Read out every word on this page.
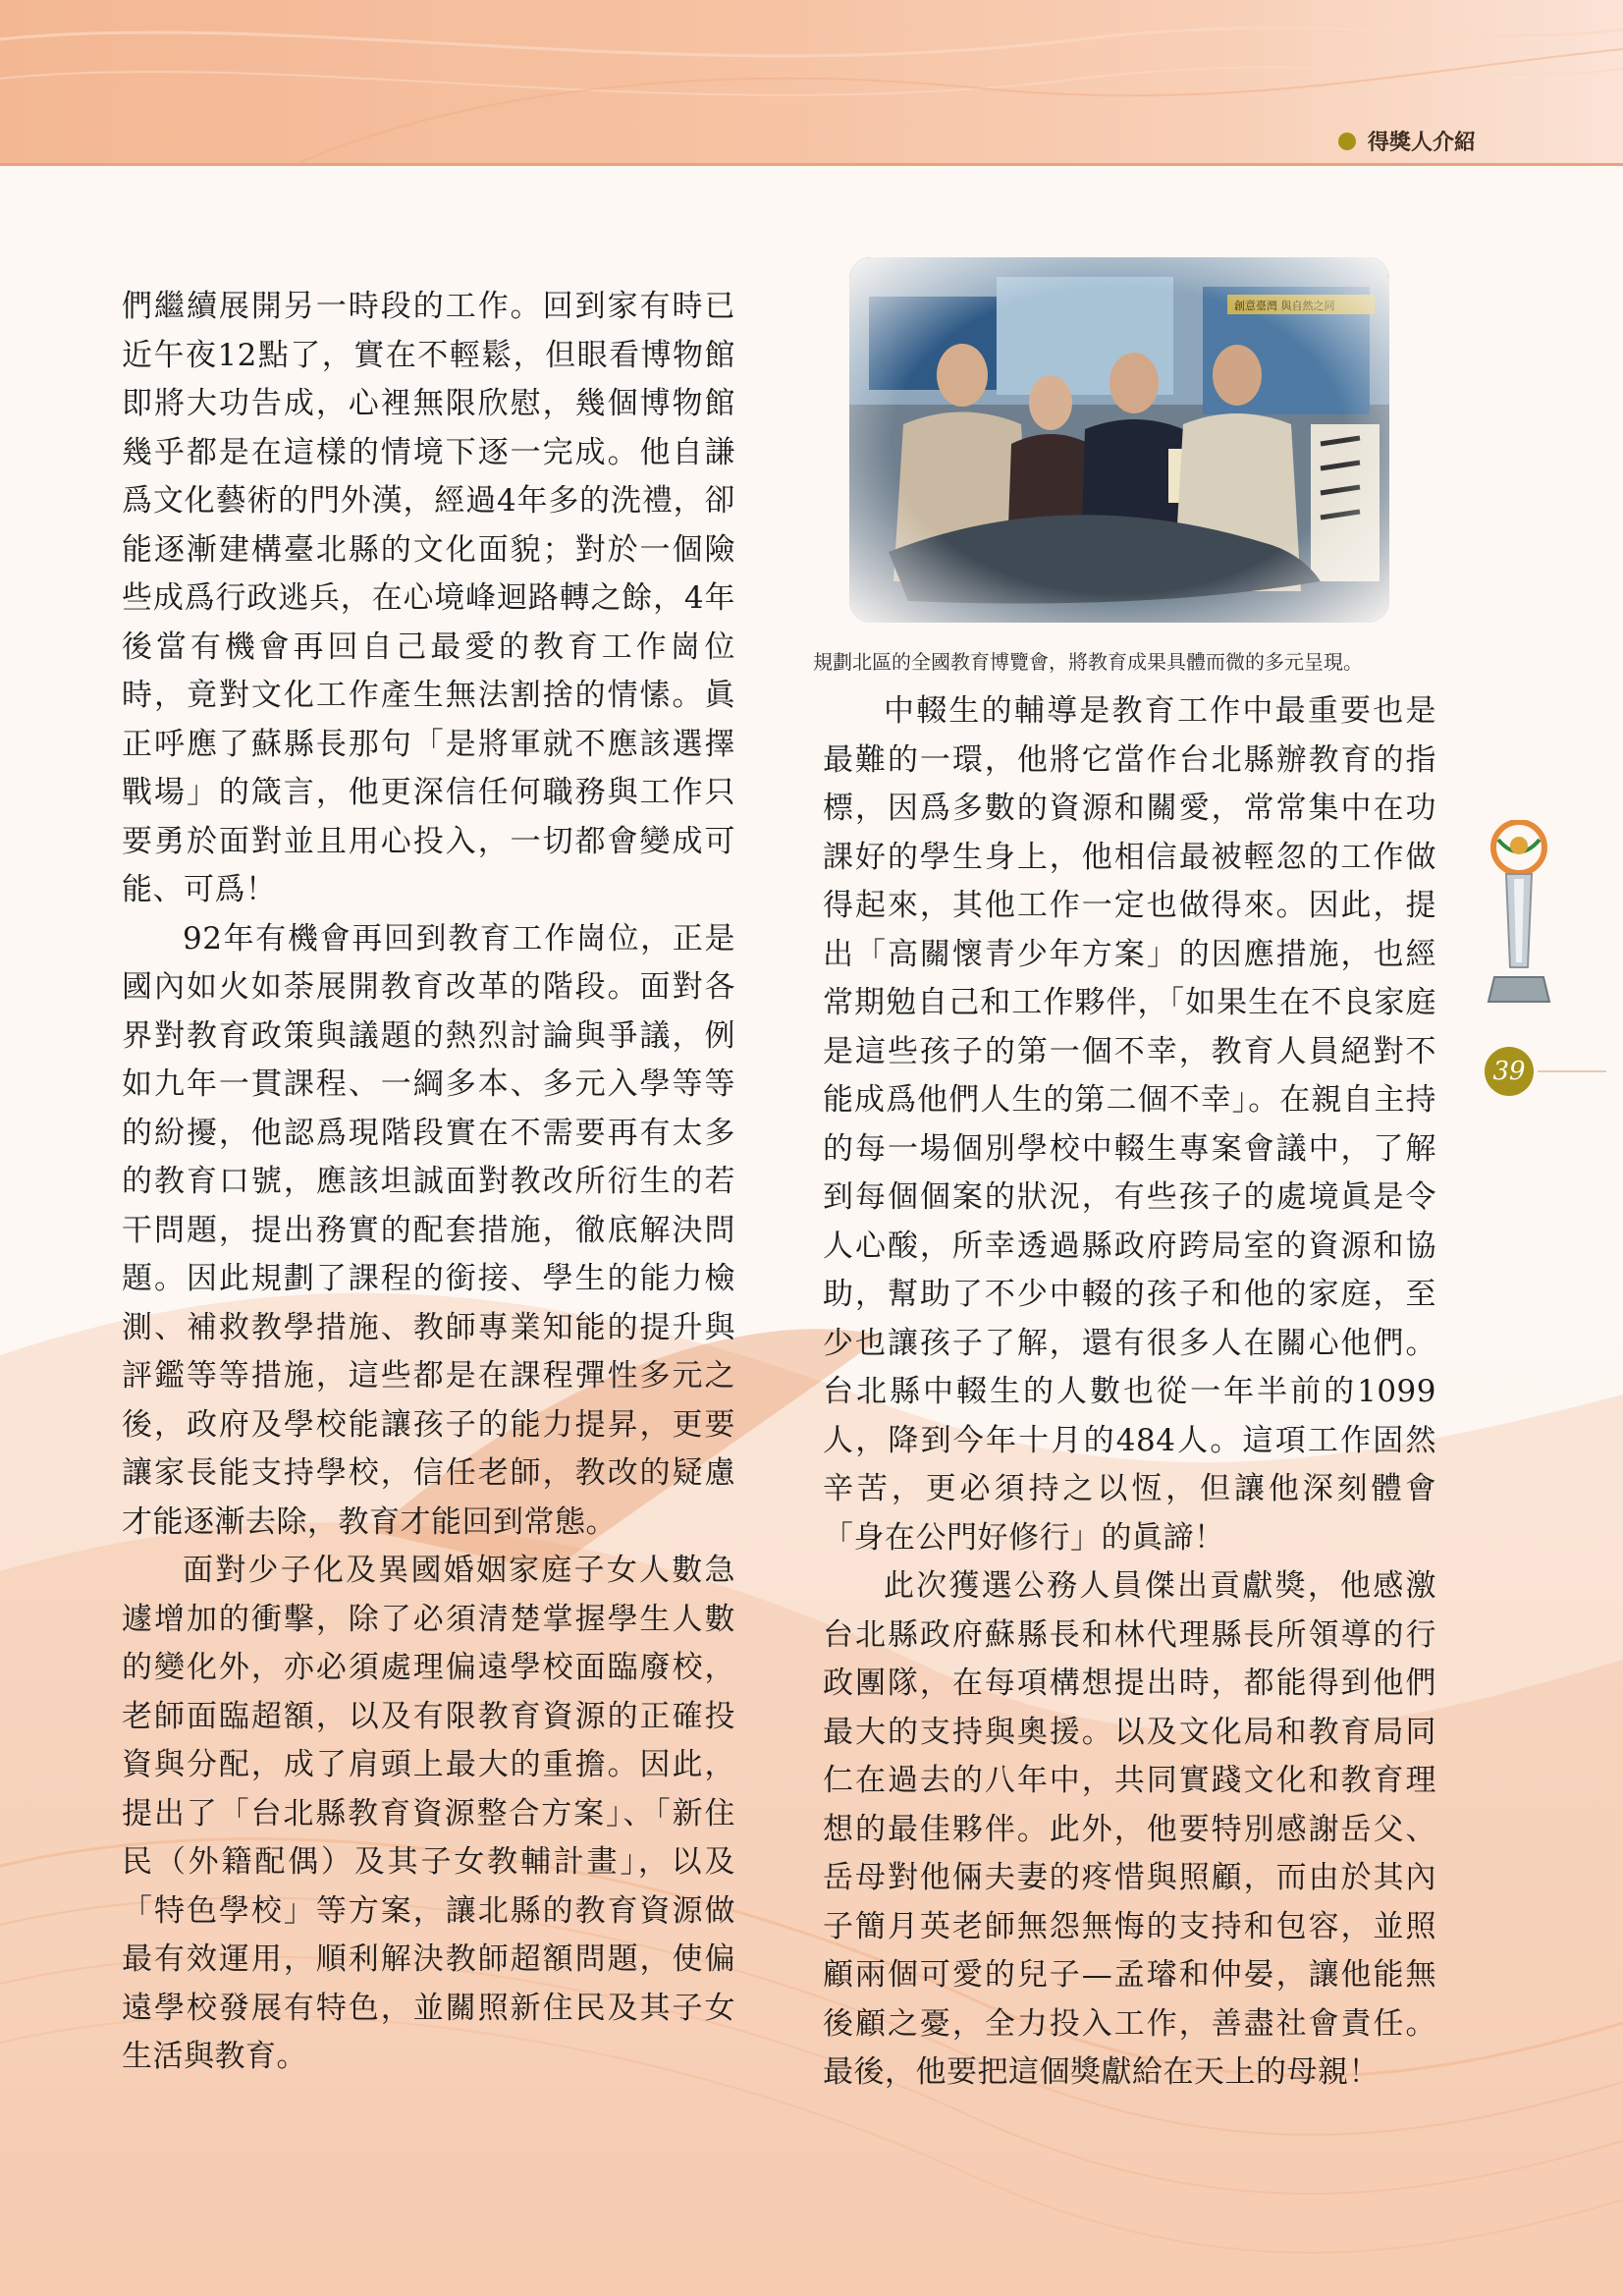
得獎人介紹

們繼續展開另一時段的工作。回到家有時已近午夜12點了，實在不輕鬆，但眼看博物館即將大功告成，心裡無限欣慰，幾個博物館幾乎都是在這樣的情境下逐一完成。他自謙爲文化藝術的門外漢，經過4年多的洗禮，卻能逐漸建構臺北縣的文化面貌；對於一個險些成爲行政逃兵，在心境峰迴路轉之餘，4年後當有機會再回自己最愛的教育工作崗位時，竟對文化工作產生無法割捨的情愫。眞正呼應了蘇縣長那句「是將軍就不應該選擇戰場」的箴言，他更深信任何職務與工作只要勇於面對並且用心投入，一切都會變成可能、可爲！

92年有機會再回到教育工作崗位，正是國內如火如荼展開教育改革的階段。面對各界對教育政策與議題的熱烈討論與爭議，例如九年一貫課程、一綱多本、多元入學等等的紛擾，他認爲現階段實在不需要再有太多的教育口號，應該坦誠面對教改所衍生的若干問題，提出務實的配套措施，徹底解決問題。因此規劃了課程的銜接、學生的能力檢測、補救教學措施、教師專業知能的提升與評鑑等等措施，這些都是在課程彈性多元之後，政府及學校能讓孩子的能力提昇，更要讓家長能支持學校，信任老師，教改的疑慮才能逐漸去除，教育才能回到常態。

面對少子化及異國婚姻家庭子女人數急遽增加的衝擊，除了必須清楚掌握學生人數的變化外，亦必須處理偏遠學校面臨廢校，老師面臨超額，以及有限教育資源的正確投資與分配，成了肩頭上最大的重擔。因此，提出了「台北縣教育資源整合方案」、「新住民（外籍配偶）及其子女教輔計畫」，以及「特色學校」等方案，讓北縣的教育資源做最有效運用，順利解決教師超額問題，使偏遠學校發展有特色，並關照新住民及其子女生活與教育。

規劃北區的全國教育博覽會，將教育成果具體而微的多元呈現。
39

中輟生的輔導是教育工作中最重要也是最難的一環，他將它當作台北縣辦教育的指標，因爲多數的資源和關愛，常常集中在功課好的學生身上，他相信最被輕忽的工作做得起來，其他工作一定也做得來。因此，提出「高關懷青少年方案」的因應措施，也經常期勉自己和工作夥伴，「如果生在不良家庭是這些孩子的第一個不幸，教育人員絕對不能成爲他們人生的第二個不幸」。在親自主持的每一場個別學校中輟生專案會議中，了解到每個個案的狀況，有些孩子的處境眞是令人心酸，所幸透過縣政府跨局室的資源和協助，幫助了不少中輟的孩子和他的家庭，至少也讓孩子了解，還有很多人在關心他們。台北縣中輟生的人數也從一年半前的1099人，降到今年十月的484人。這項工作固然辛苦，更必須持之以恆，但讓他深刻體會「身在公門好修行」的眞諦！

此次獲選公務人員傑出貢獻獎，他感激台北縣政府蘇縣長和林代理縣長所領導的行政團隊，在每項構想提出時，都能得到他們最大的支持與奧援。以及文化局和教育局同仁在過去的八年中，共同實踐文化和教育理想的最佳夥伴。此外，他要特別感謝岳父、岳母對他倆夫妻的疼惜與照顧，而由於其內子簡月英老師無怨無悔的支持和包容，並照顧兩個可愛的兒子—孟璿和仲晏，讓他能無後顧之憂，全力投入工作，善盡社會責任。最後，他要把這個獎獻給在天上的母親！
